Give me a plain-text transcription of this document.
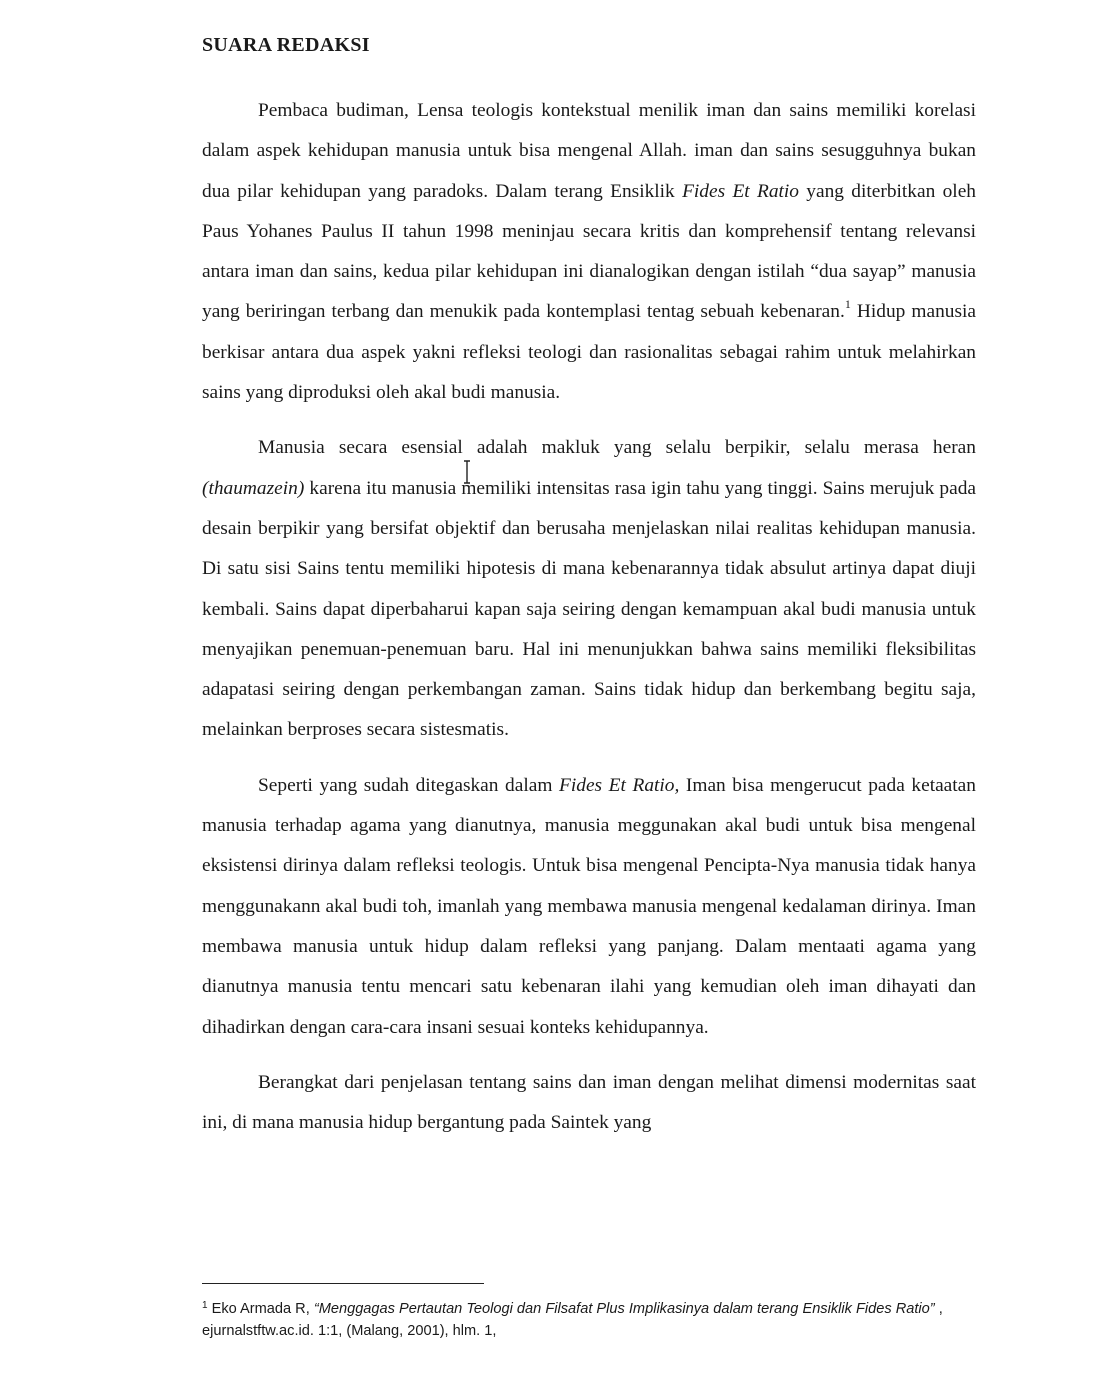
SUARA REDAKSI

Pembaca budiman, Lensa teologis kontekstual menilik iman dan sains memiliki korelasi dalam aspek kehidupan manusia untuk bisa mengenal Allah. iman dan sains sesugguhnya bukan dua pilar kehidupan yang paradoks. Dalam terang Ensiklik Fides Et Ratio yang diterbitkan oleh Paus Yohanes Paulus II tahun 1998 meninjau secara kritis dan komprehensif tentang relevansi antara iman dan sains, kedua pilar kehidupan ini dianalogikan dengan istilah “dua sayap” manusia yang beriringan terbang dan menukik pada kontemplasi tentag sebuah kebenaran.$^1$ Hidup manusia berkisar antara dua aspek yakni refleksi teologi dan rasionalitas sebagai rahim untuk melahirkan sains yang diproduksi oleh akal budi manusia.

Manusia secara esensial adalah makluk yang selalu berpikir, selalu merasa heran (thaumazein) karena itu manusia memiliki intensitas rasa igin tahu yang tinggi. Sains merujuk pada desain berpikir yang bersifat objektif dan berusaha menjelaskan nilai realitas kehidupan manusia. Di satu sisi Sains tentu memiliki hipotesis di mana kebenarannya tidak absulut artinya dapat diuji kembali. Sains dapat diperbaharui kapan saja seiring dengan kemampuan akal budi manusia untuk menyajikan penemuan-penemuan baru. Hal ini menunjukkan bahwa sains memiliki fleksibilitas adapatasi seiring dengan perkembangan zaman. Sains tidak hidup dan berkembang begitu saja, melainkan berproses secara sistesmatis.

Seperti yang sudah ditegaskan dalam Fides Et Ratio, Iman bisa mengerucut pada ketaatan manusia terhadap agama yang dianutnya, manusia meggunakan akal budi untuk bisa mengenal eksistensi dirinya dalam refleksi teologis. Untuk bisa mengenal Pencipta-Nya manusia tidak hanya menggunakann akal budi toh, imanlah yang membawa manusia mengenal kedalaman dirinya. Iman membawa manusia untuk hidup dalam refleksi yang panjang. Dalam mentaati agama yang dianutnya manusia tentu mencari satu kebenaran ilahi yang kemudian oleh iman dihayati dan dihadirkan dengan cara-cara insani sesuai konteks kehidupannya.

Berangkat dari penjelasan tentang sains dan iman dengan melihat dimensi modernitas saat ini, di mana manusia hidup bergantung pada Saintek yang

$^1$ Eko Armada R, “Menggagas Pertautan Teologi dan Filsafat Plus Implikasinya dalam terang Ensiklik Fides Ratio” , ejurnalstftw.ac.id. 1:1, (Malang, 2001), hlm. 1,
